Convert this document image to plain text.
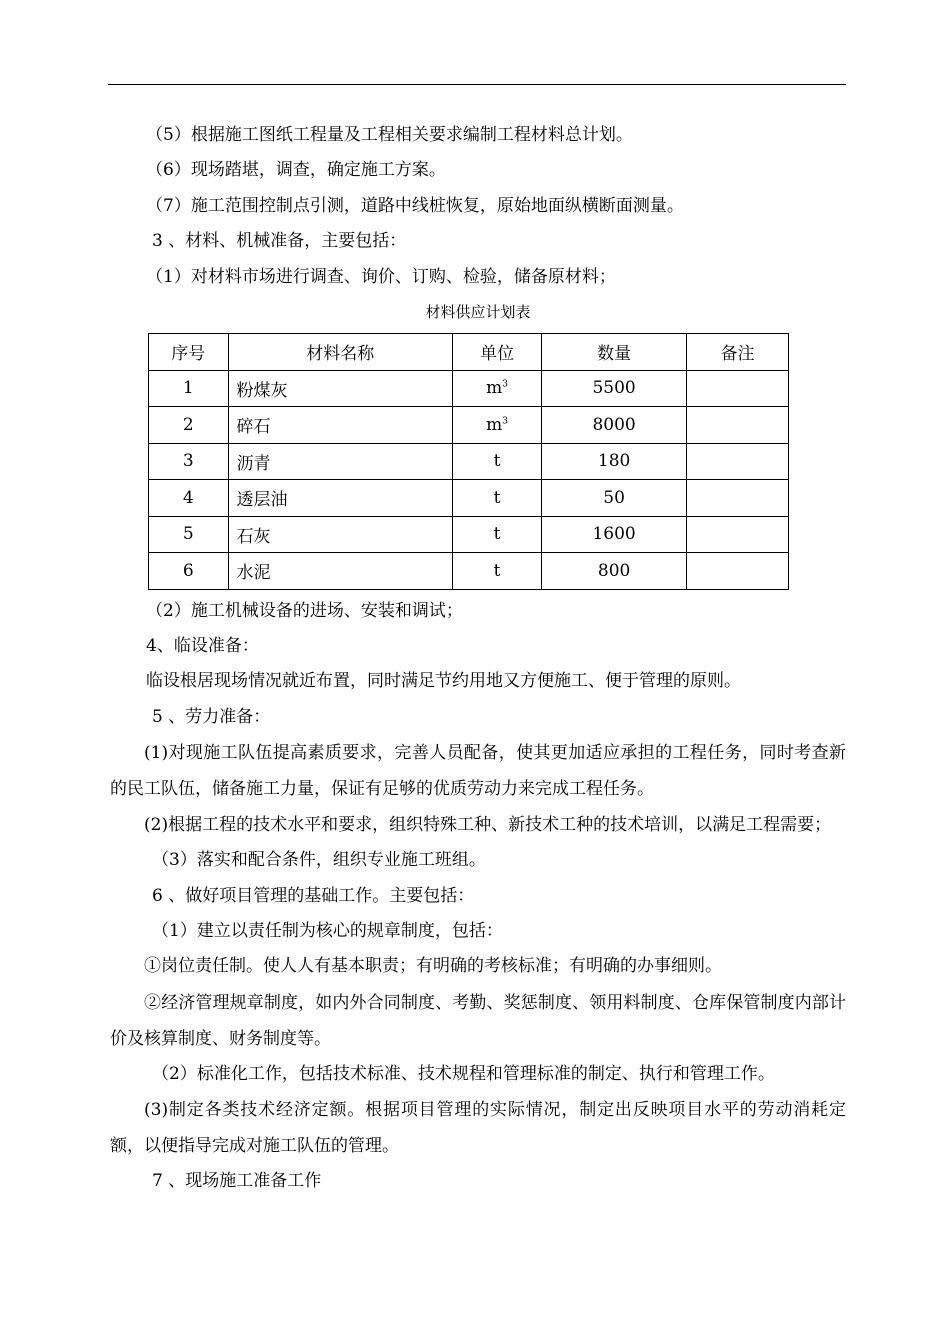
（5）根据施工图纸工程量及工程相关要求编制工程材料总计划。
（6）现场踏堪，调查，确定施工方案。
（7）施工范围控制点引测，道路中线桩恢复，原始地面纵横断面测量。
3 、材料、机械准备，主要包括：
（1）对材料市场进行调查、询价、订购、检验，储备原材料；
材料供应计划表
序号	材料名称	单位	数量	备注
1	粉煤灰	$m^3$	5500	
2	碎石	$m^3$	8000	
3	沥青	t	180	
4	透层油	t	50	
5	石灰	t	1600	
6	水泥	t	800	
（2）施工机械设备的进场、安装和调试；
4、临设准备：
临设根居现场情况就近布置，同时满足节约用地又方便施工、便于管理的原则。
5 、劳力准备：
(1)对现施工队伍提高素质要求，完善人员配备，使其更加适应承担的工程任务，同时考查新的民工队伍，储备施工力量，保证有足够的优质劳动力来完成工程任务。
(2)根据工程的技术水平和要求，组织特殊工种、新技术工种的技术培训，以满足工程需要；
（3）落实和配合条件，组织专业施工班组。
6 、做好项目管理的基础工作。主要包括：
（1）建立以责任制为核心的规章制度，包括：
①岗位责任制。使人人有基本职责；有明确的考核标准；有明确的办事细则。
②经济管理规章制度，如内外合同制度、考勤、奖惩制度、领用料制度、仓库保管制度内部计价及核算制度、财务制度等。
（2）标准化工作，包括技术标准、技术规程和管理标准的制定、执行和管理工作。
(3)制定各类技术经济定额。根据项目管理的实际情况，制定出反映项目水平的劳动消耗定额，以便指导完成对施工队伍的管理。
7 、现场施工准备工作
